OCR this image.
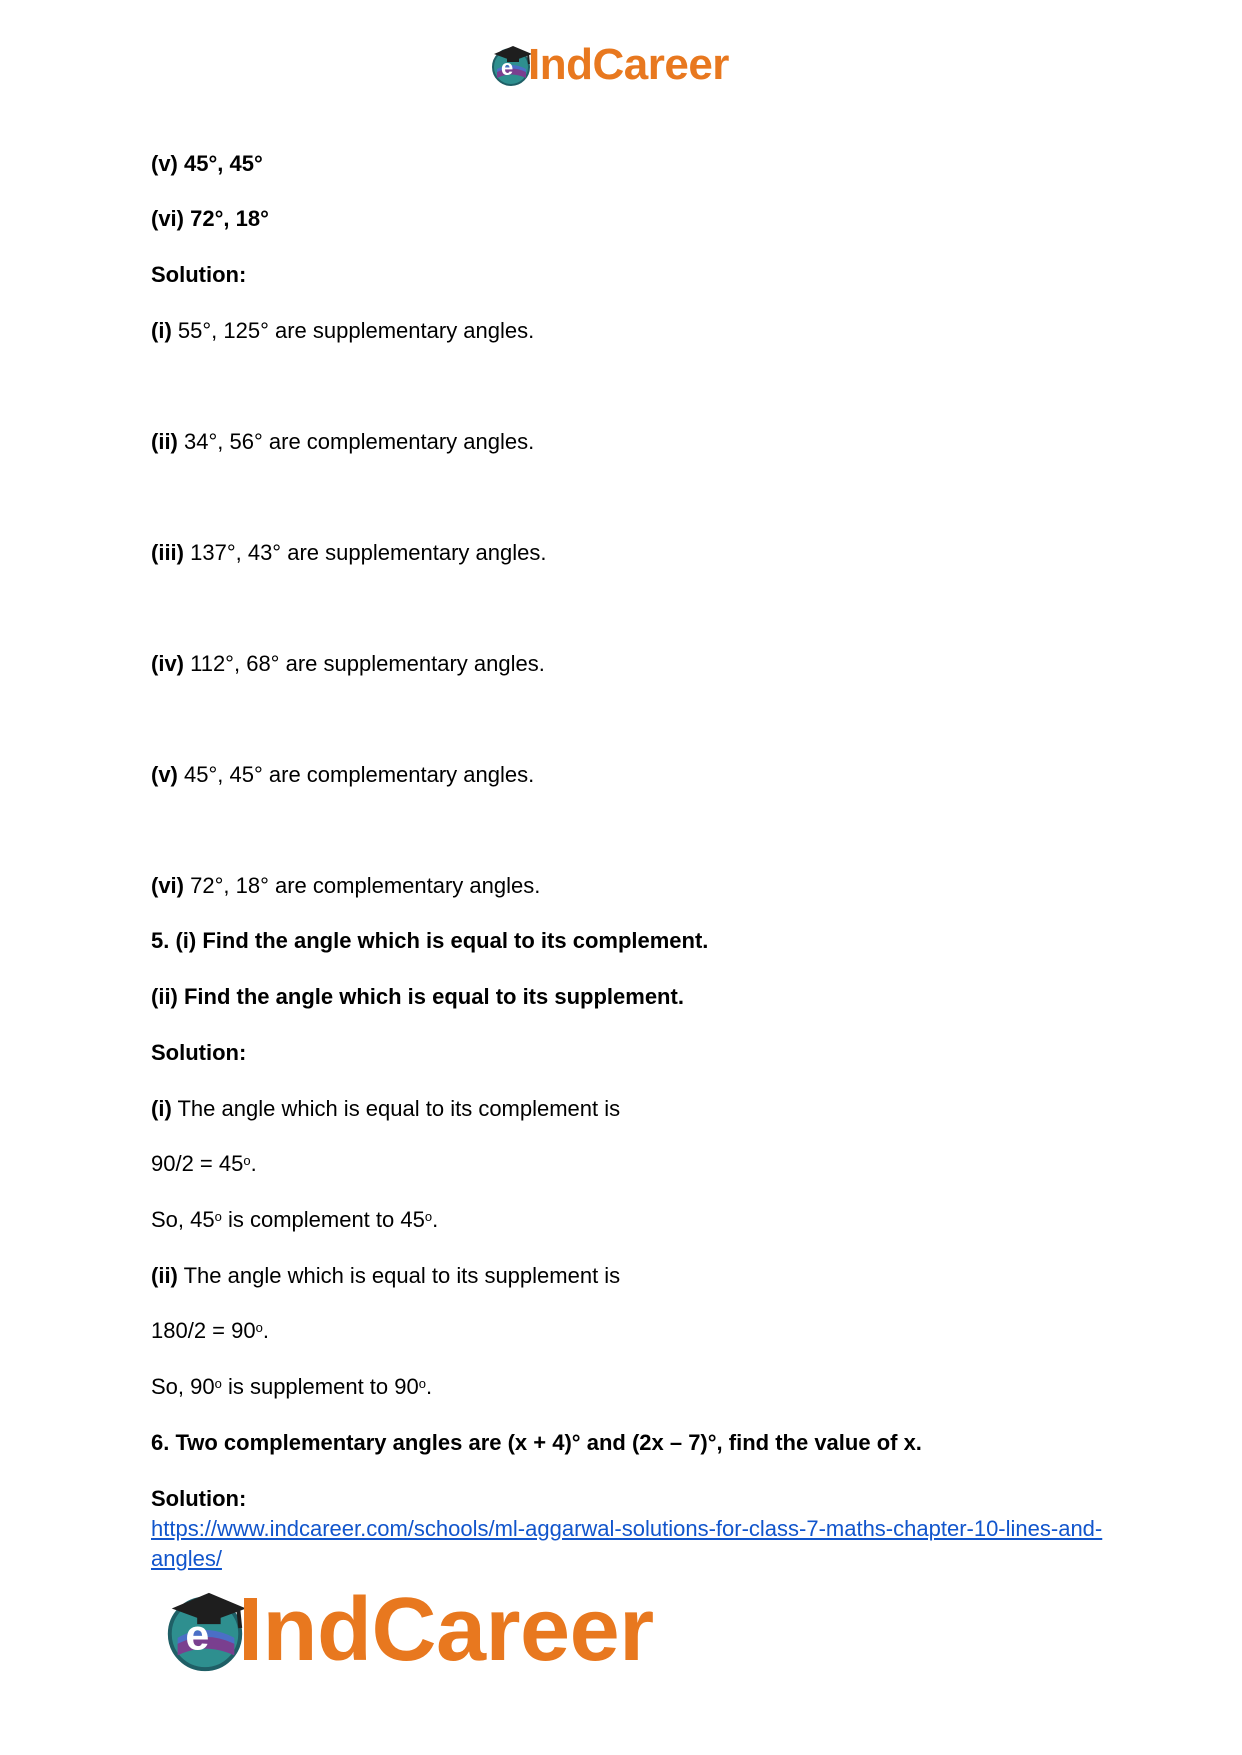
e IndCareer
(v) 45°, 45°
(vi) 72°, 18°
Solution:
(i) 55°, 125° are supplementary angles.
(ii) 34°, 56° are complementary angles.
(iii) 137°, 43° are supplementary angles.
(iv) 112°, 68° are supplementary angles.
(v) 45°, 45° are complementary angles.
(vi) 72°, 18° are complementary angles.
5. (i) Find the angle which is equal to its complement.
(ii) Find the angle which is equal to its supplement.
Solution:
(i) The angle which is equal to its complement is
$90/2 = 45^o$.
So, 45$^o$ is complement to 45$^o$.
(ii) The angle which is equal to its supplement is
$180/2 = 90^o$.
So, 90$^o$ is supplement to 90$^o$.
6. Two complementary angles are (x + 4)° and (2x – 7)°, find the value of x.
Solution:
https://www.indcareer.com/schools/ml-aggarwal-solutions-for-class-7-maths-chapter-10-lines-and-angles/
e IndCareer
